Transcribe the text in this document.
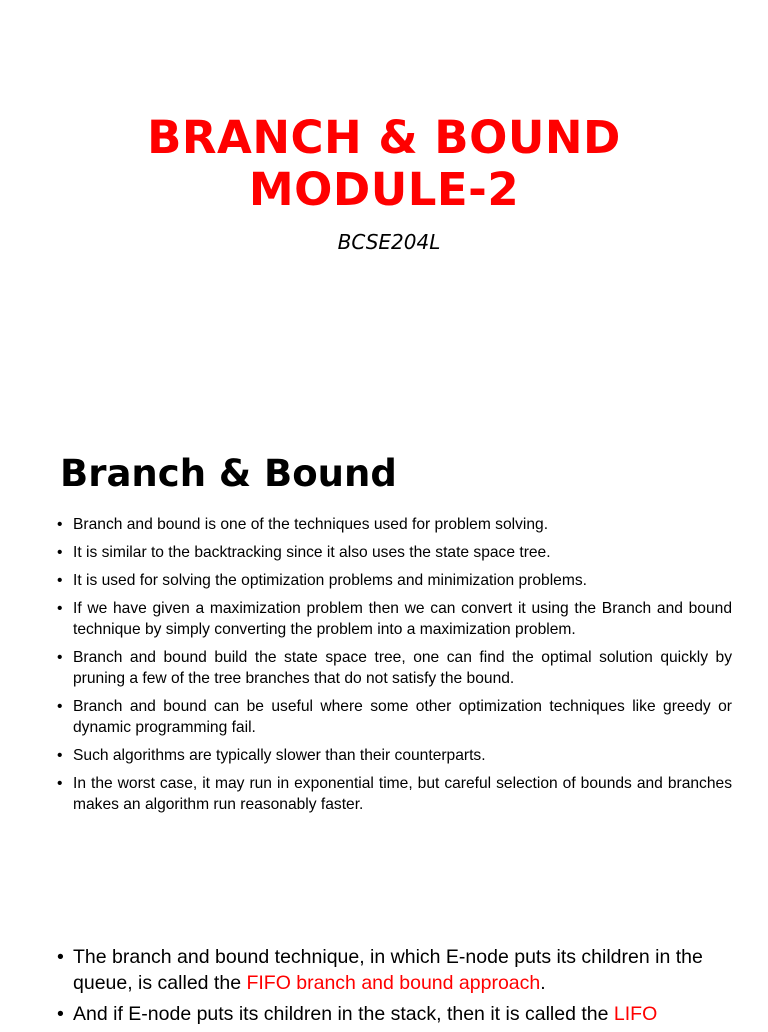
BRANCH & BOUND
MODULE-2
BCSE204L
Branch & Bound
• Branch and bound is one of the techniques used for problem solving.
• It is similar to the backtracking since it also uses the state space tree.
• It is used for solving the optimization problems and minimization problems.
• If we have given a maximization problem then we can convert it using the Branch and bound technique by simply converting the problem into a maximization problem.
• Branch and bound build the state space tree, one can find the optimal solution quickly by pruning a few of the tree branches that do not satisfy the bound.
• Branch and bound can be useful where some other optimization techniques like greedy or dynamic programming fail.
• Such algorithms are typically slower than their counterparts.
• In the worst case, it may run in exponential time, but careful selection of bounds and branches makes an algorithm run reasonably faster.
• The branch and bound technique, in which E-node puts its children in the queue, is called the FIFO branch and bound approach.
• And if E-node puts its children in the stack, then it is called the LIFO
